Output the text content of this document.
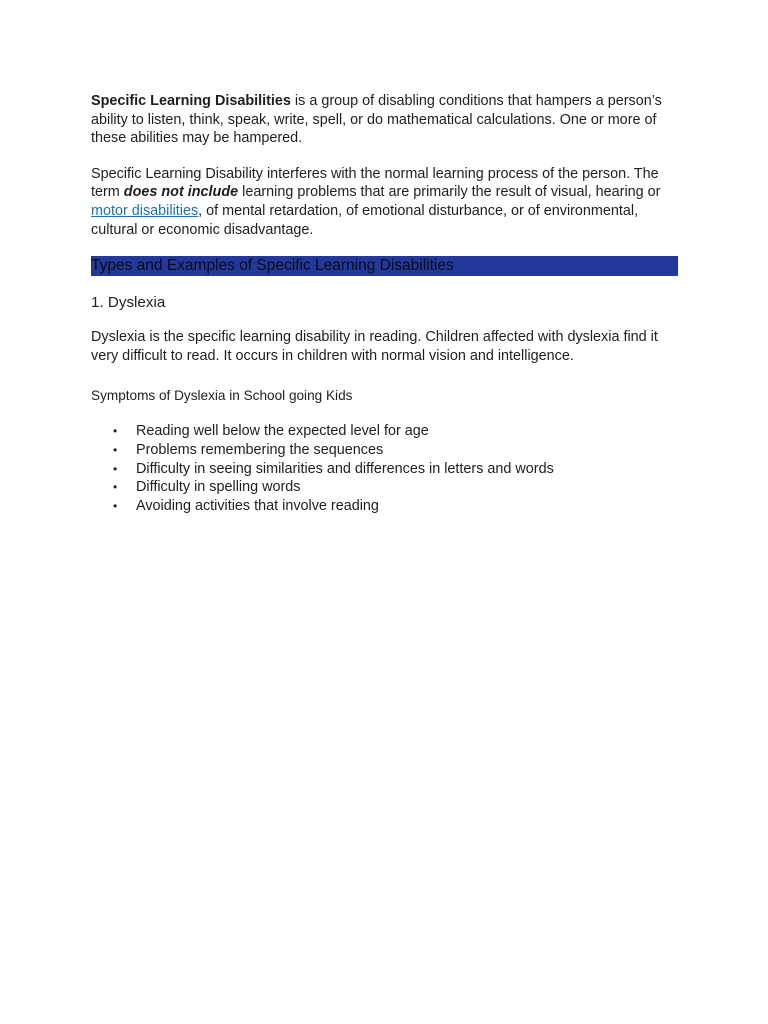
Specific Learning Disabilities is a group of disabling conditions that hampers a person’s ability to listen, think, speak, write, spell, or do mathematical calculations. One or more of these abilities may be hampered.

Specific Learning Disability interferes with the normal learning process of the person. The term does not include learning problems that are primarily the result of visual, hearing or motor disabilities, of mental retardation, of emotional disturbance, or of environmental, cultural or economic disadvantage.

Types and Examples of Specific Learning Disabilities

1. Dyslexia

Dyslexia is the specific learning disability in reading. Children affected with dyslexia find it very difficult to read. It occurs in children with normal vision and intelligence.

Symptoms of Dyslexia in School going Kids

• Reading well below the expected level for age
• Problems remembering the sequences
• Difficulty in seeing similarities and differences in letters and words
• Difficulty in spelling words
• Avoiding activities that involve reading
